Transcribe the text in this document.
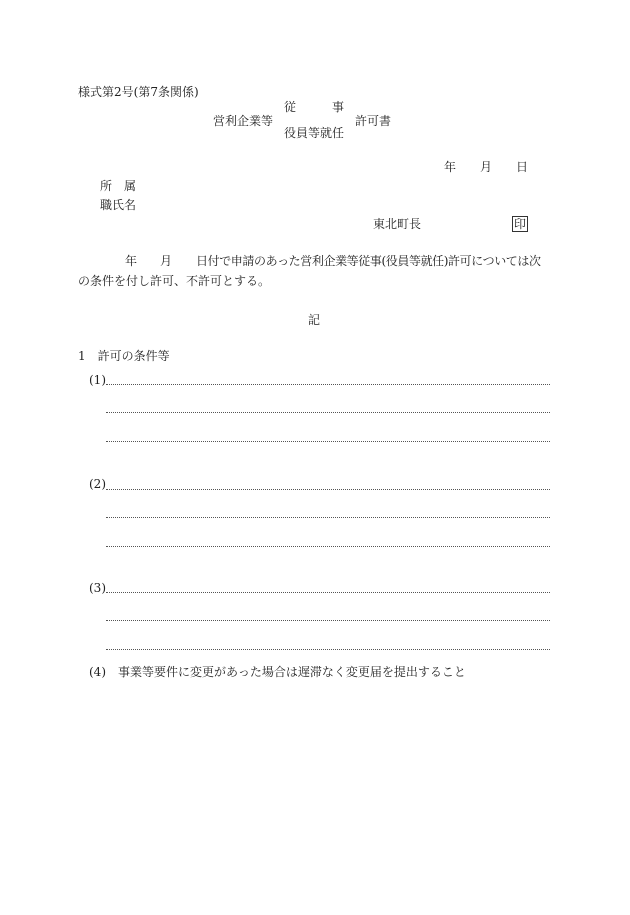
様式第2号(第7条関係)
営利企業等
従　　　事
役員等就任
許可書
年 月 日
所　属
職氏名
東北町長	印
年 月 日付で申請のあった営利企業等従事(役員等就任)許可については次
の条件を付し許可、不許可とする。
記
1　許可の条件等
(1)
(2)
(3)
(4)　事業等要件に変更があった場合は遅滞なく変更届を提出すること
